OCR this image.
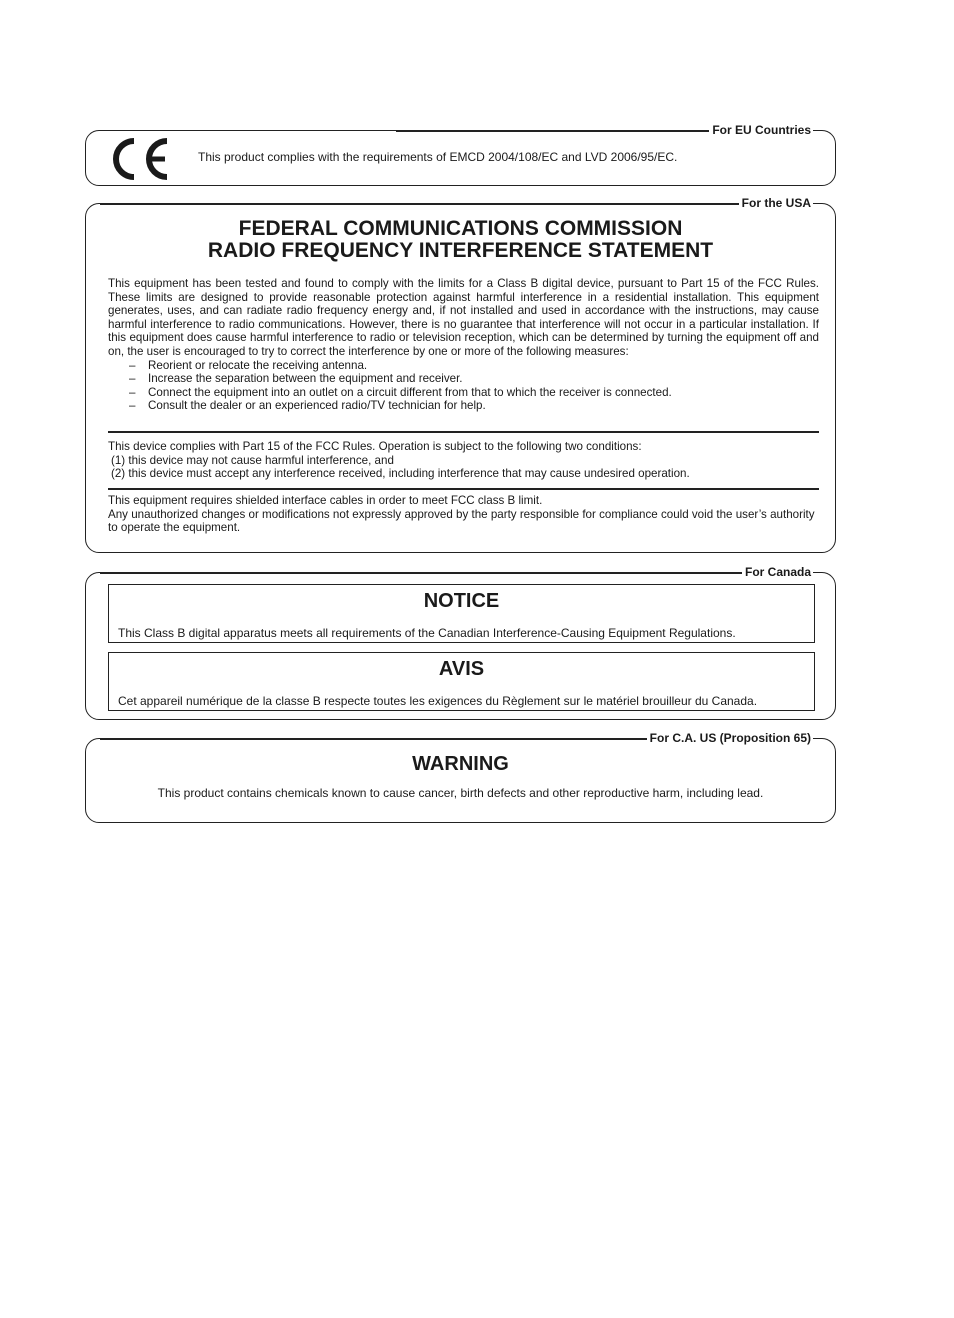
For EU Countries
This product complies with the requirements of EMCD 2004/108/EC and LVD 2006/95/EC.
For the USA
FEDERAL COMMUNICATIONS COMMISSION
RADIO FREQUENCY INTERFERENCE STATEMENT
This equipment has been tested and found to comply with the limits for a Class B digital device, pursuant to Part 15 of the FCC Rules. These limits are designed to provide reasonable protection against harmful interference in a residential installation. This equipment generates, uses, and can radiate radio frequency energy and, if not installed and used in accordance with the instructions, may cause harmful interference to radio communications. However, there is no guarantee that interference will not occur in a particular installation. If this equipment does cause harmful interference to radio or television reception, which can be determined by turning the equipment off and on, the user is encouraged to try to correct the interference by one or more of the following measures:
– Reorient or relocate the receiving antenna.
– Increase the separation between the equipment and receiver.
– Connect the equipment into an outlet on a circuit different from that to which the receiver is connected.
– Consult the dealer or an experienced radio/TV technician for help.
This device complies with Part 15 of the FCC Rules. Operation is subject to the following two conditions:
(1) this device may not cause harmful interference, and
(2) this device must accept any interference received, including interference that may cause undesired operation.
This equipment requires shielded interface cables in order to meet FCC class B limit.
Any unauthorized changes or modifications not expressly approved by the party responsible for compliance could void the user’s authority to operate the equipment.
For Canada
NOTICE
This Class B digital apparatus meets all requirements of the Canadian Interference-Causing Equipment Regulations.
AVIS
Cet appareil numérique de la classe B respecte toutes les exigences du Règlement sur le matériel brouilleur du Canada.
For C.A. US (Proposition 65)
WARNING
This product contains chemicals known to cause cancer, birth defects and other reproductive harm, including lead.
